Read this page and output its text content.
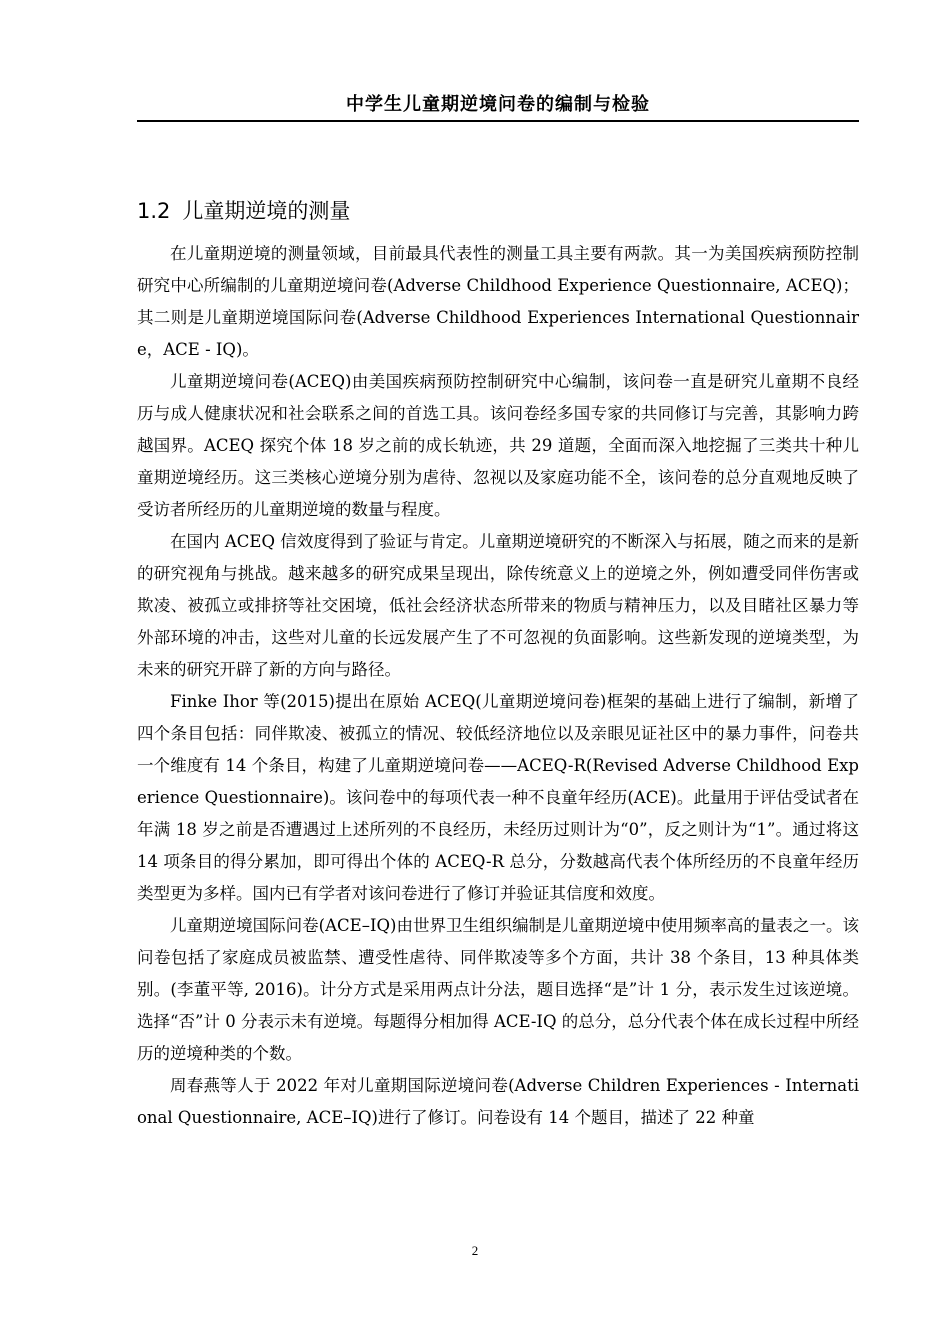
中学生儿童期逆境问卷的编制与检验
1.2 儿童期逆境的测量

在儿童期逆境的测量领域，目前最具代表性的测量工具主要有两款。其一为美国疾病预防控制研究中心所编制的儿童期逆境问卷(Adverse Childhood Experience Questionnaire, ACEQ)；其二则是儿童期逆境国际问卷(Adverse Childhood Experiences International Questionnaire，ACE - IQ)。

儿童期逆境问卷(ACEQ)由美国疾病预防控制研究中心编制，该问卷一直是研究儿童期不良经历与成人健康状况和社会联系之间的首选工具。该问卷经多国专家的共同修订与完善，其影响力跨越国界。ACEQ 探究个体 18 岁之前的成长轨迹，共 29 道题，全面而深入地挖掘了三类共十种儿童期逆境经历。这三类核心逆境分别为虐待、忽视以及家庭功能不全，该问卷的总分直观地反映了受访者所经历的儿童期逆境的数量与程度。

在国内 ACEQ 信效度得到了验证与肯定。儿童期逆境研究的不断深入与拓展，随之而来的是新的研究视角与挑战。越来越多的研究成果呈现出，除传统意义上的逆境之外，例如遭受同伴伤害或欺凌、被孤立或排挤等社交困境，低社会经济状态所带来的物质与精神压力，以及目睹社区暴力等外部环境的冲击，这些对儿童的长远发展产生了不可忽视的负面影响。这些新发现的逆境类型，为未来的研究开辟了新的方向与路径。

Finke Ihor 等(2015)提出在原始 ACEQ(儿童期逆境问卷)框架的基础上进行了编制，新增了四个条目包括：同伴欺凌、被孤立的情况、较低经济地位以及亲眼见证社区中的暴力事件，问卷共一个维度有 14 个条目，构建了儿童期逆境问卷——ACEQ-R(Revised Adverse Childhood Experience Questionnaire)。该问卷中的每项代表一种不良童年经历(ACE)。此量用于评估受试者在年满 18 岁之前是否遭遇过上述所列的不良经历，未经历过则计为“0”，反之则计为“1”。通过将这 14 项条目的得分累加，即可得出个体的 ACEQ-R 总分，分数越高代表个体所经历的不良童年经历类型更为多样。国内已有学者对该问卷进行了修订并验证其信度和效度。

儿童期逆境国际问卷(ACE–IQ)由世界卫生组织编制是儿童期逆境中使用频率高的量表之一。该问卷包括了家庭成员被监禁、遭受性虐待、同伴欺凌等多个方面，共计 38 个条目，13 种具体类别。(李董平等, 2016)。计分方式是采用两点计分法，题目选择“是”计 1 分，表示发生过该逆境。选择“否”计 0 分表示未有逆境。每题得分相加得 ACE-IQ 的总分，总分代表个体在成长过程中所经历的逆境种类的个数。

周春燕等人于 2022 年对儿童期国际逆境问卷(Adverse Children Experiences - International Questionnaire, ACE–IQ)进行了修订。问卷设有 14 个题目，描述了 22 种童

2
